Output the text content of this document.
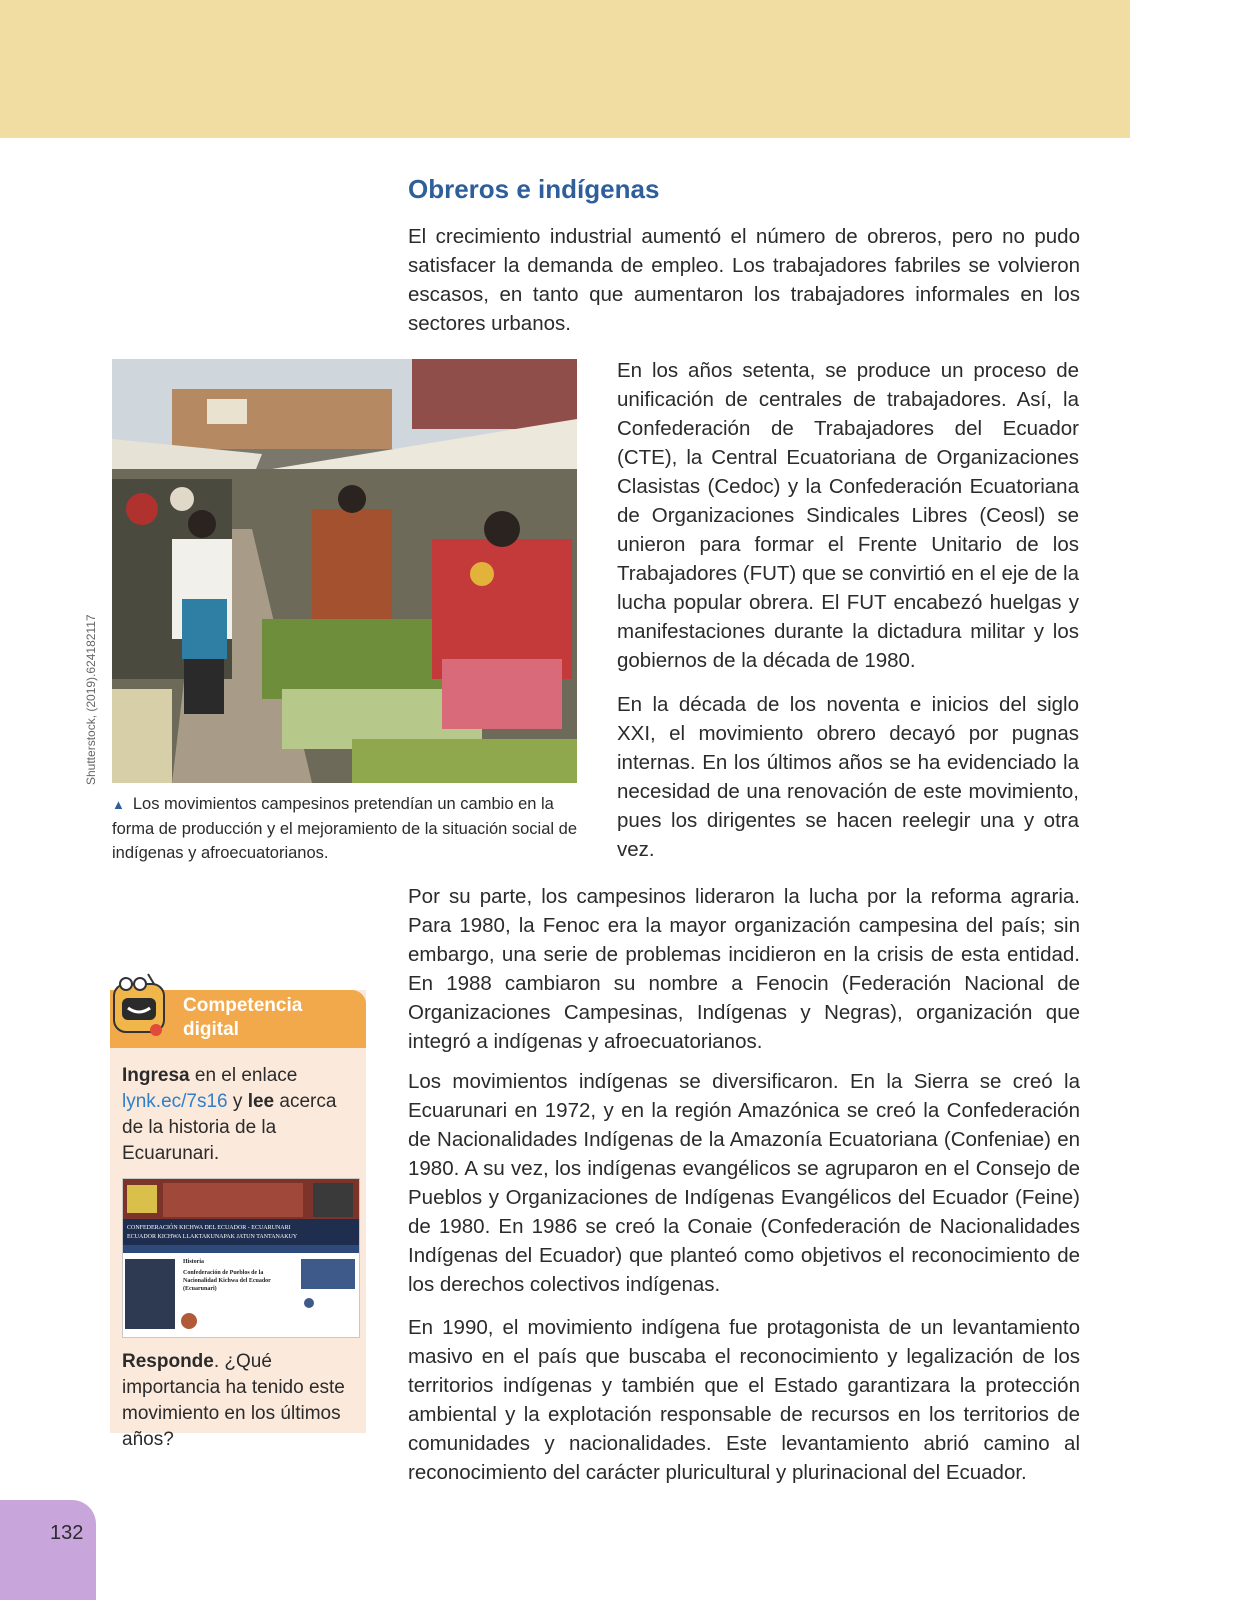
Obreros e indígenas

El crecimiento industrial aumentó el número de obreros, pero no pudo satisfacer la demanda de empleo. Los trabajadores fabriles se volvieron escasos, en tanto que aumentaron los trabajadores informales en los sectores urbanos.

En los años setenta, se produce un proceso de unificación de centrales de trabajadores. Así, la Confederación de Trabajadores del Ecuador (CTE), la Central Ecuatoriana de Organizaciones Clasistas (Cedoc) y la Confederación Ecuatoriana de Organizaciones Sindicales Libres (Ceosl) se unieron para formar el Frente Unitario de los Trabajadores (FUT) que se convirtió en el eje de la lucha popular obrera. El FUT encabezó huelgas y manifestaciones durante la dictadura militar y los gobiernos de la década de 1980.

En la década de los noventa e inicios del siglo XXI, el movimiento obrero decayó por pugnas internas. En los últimos años se ha evidenciado la necesidad de una renovación de este movimiento, pues los dirigentes se hacen reelegir una y otra vez.

Por su parte, los campesinos lideraron la lucha por la reforma agraria. Para 1980, la Fenoc era la mayor organización campesina del país; sin embargo, una serie de problemas incidieron en la crisis de esta entidad. En 1988 cambiaron su nombre a Fenocin (Federación Nacional de Organizaciones Campesinas, Indígenas y Negras), organización que integró a indígenas y afroecuatorianos.

Los movimientos indígenas se diversificaron. En la Sierra se creó la Ecuarunari en 1972, y en la región Amazónica se creó la Confederación de Nacionalidades Indígenas de la Amazonía Ecuatoriana (Confeniae) en 1980. A su vez, los indígenas evangélicos se agruparon en el Consejo de Pueblos y Organizaciones de Indígenas Evangélicos del Ecuador (Feine) de 1980. En 1986 se creó la Conaie (Confederación de Nacionalidades Indígenas del Ecuador) que planteó como objetivos el reconocimiento de los derechos colectivos indígenas.

En 1990, el movimiento indígena fue protagonista de un levantamiento masivo en el país que buscaba el reconocimiento y legalización de los territorios indígenas y también que el Estado garantizara la protección ambiental y la explotación responsable de recursos en los territorios de comunidades y nacionalidades. Este levantamiento abrió camino al reconocimiento del carácter pluricultural y plurinacional del Ecuador.

Shutterstock, (2019).624182117

▲ Los movimientos campesinos pretendían un cambio en la forma de producción y el mejoramiento de la situación social de indígenas y afroecuatorianos.

Competencia
digital

Ingresa en el enlace lynk.ec/7s16 y lee acerca de la historia de la Ecuarunari.

CONFEDERACIÓN KICHWA DEL ECUADOR - ECUARUNARI
ECUADOR KICHWA LLAKTAKUNAPAK JATUN TANTANAKUY
Historia
Confederación de Pueblos de la Nacionalidad Kichwa del Ecuador (Ecuarunari)

Responde. ¿Qué importancia ha tenido este movimiento en los últimos años?

132
